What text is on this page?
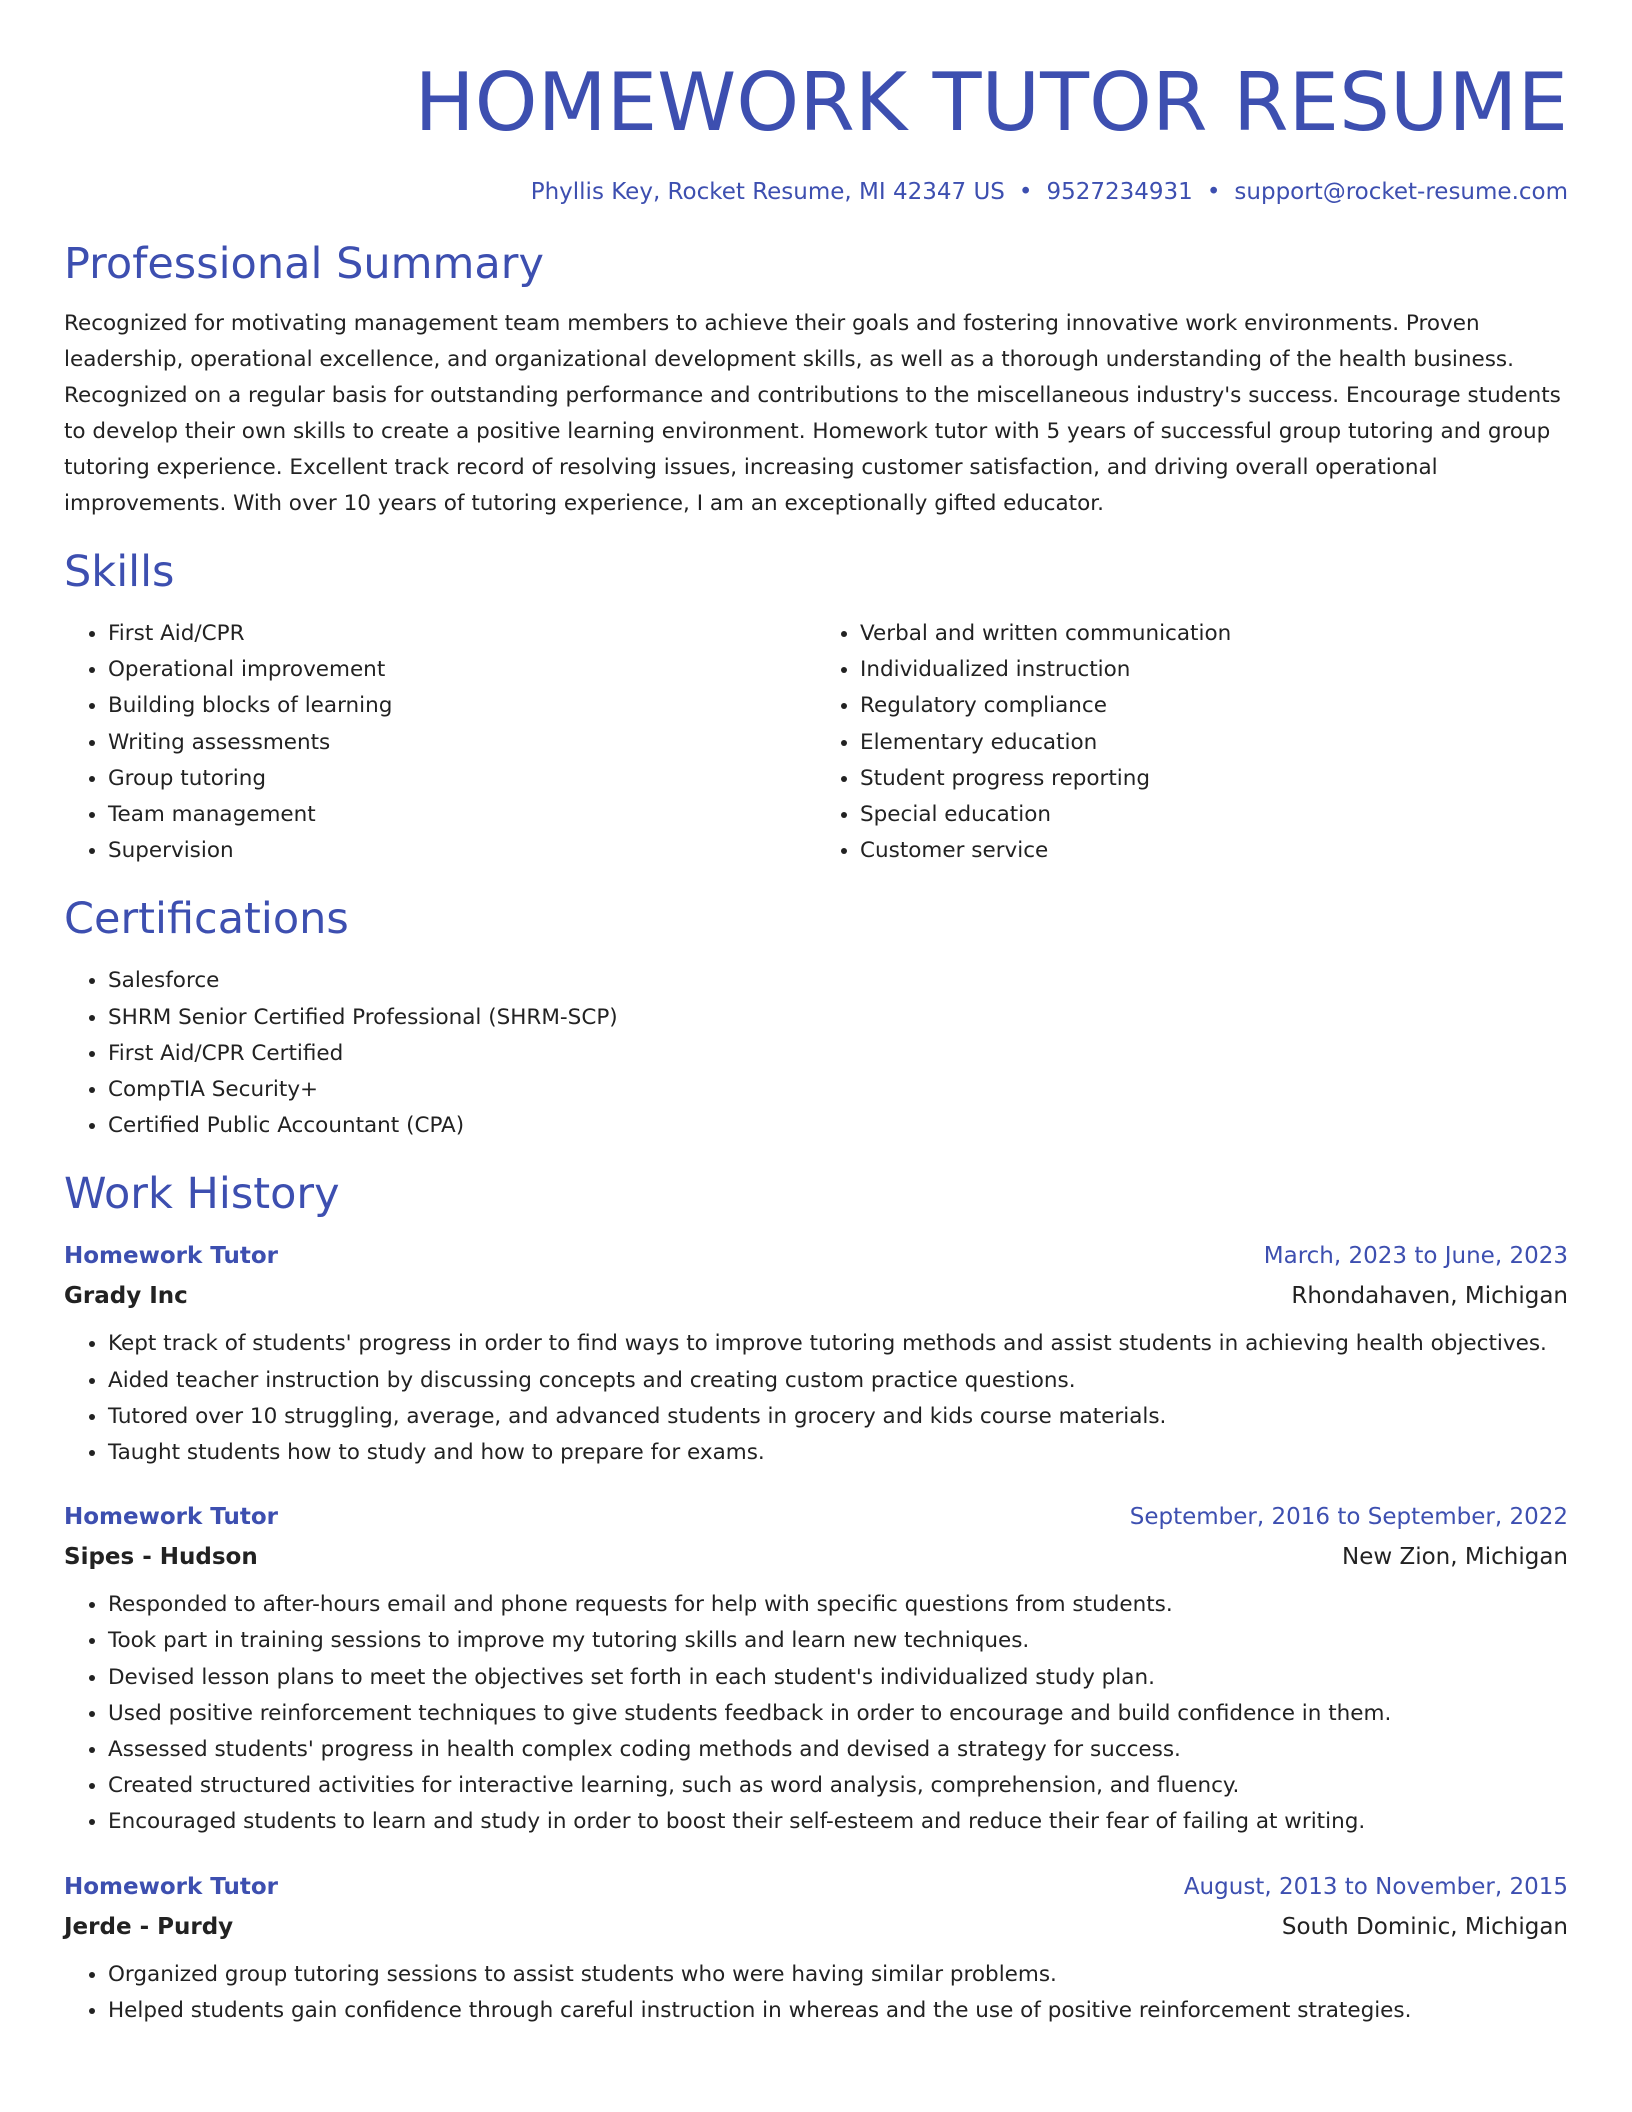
HOMEWORK TUTOR RESUME
Phyllis Key, Rocket Resume, MI 42347 US • 9527234931 • support@rocket-resume.com
Professional Summary

Recognized for motivating management team members to achieve their goals and fostering innovative work environments. Proven leadership, operational excellence, and organizational development skills, as well as a thorough understanding of the health business. Recognized on a regular basis for outstanding performance and contributions to the miscellaneous industry's success. Encourage students to develop their own skills to create a positive learning environment. Homework tutor with 5 years of successful group tutoring and group tutoring experience. Excellent track record of resolving issues, increasing customer satisfaction, and driving overall operational improvements. With over 10 years of tutoring experience, I am an exceptionally gifted educator.

Skills
• First Aid/CPR
• Operational improvement
• Building blocks of learning
• Writing assessments
• Group tutoring
• Team management
• Supervision
• Verbal and written communication
• Individualized instruction
• Regulatory compliance
• Elementary education
• Student progress reporting
• Special education
• Customer service
Certifications
• Salesforce
• SHRM Senior Certified Professional (SHRM-SCP)
• First Aid/CPR Certified
• CompTIA Security+
• Certified Public Accountant (CPA)
Work History
Homework Tutor	March, 2023 to June, 2023
Grady Inc	Rhondahaven, Michigan
• Kept track of students' progress in order to find ways to improve tutoring methods and assist students in achieving health objectives.
• Aided teacher instruction by discussing concepts and creating custom practice questions.
• Tutored over 10 struggling, average, and advanced students in grocery and kids course materials.
• Taught students how to study and how to prepare for exams.
Homework Tutor	September, 2016 to September, 2022
Sipes - Hudson	New Zion, Michigan
• Responded to after-hours email and phone requests for help with specific questions from students.
• Took part in training sessions to improve my tutoring skills and learn new techniques.
• Devised lesson plans to meet the objectives set forth in each student's individualized study plan.
• Used positive reinforcement techniques to give students feedback in order to encourage and build confidence in them.
• Assessed students' progress in health complex coding methods and devised a strategy for success.
• Created structured activities for interactive learning, such as word analysis, comprehension, and fluency.
• Encouraged students to learn and study in order to boost their self-esteem and reduce their fear of failing at writing.
Homework Tutor	August, 2013 to November, 2015
Jerde - Purdy	South Dominic, Michigan
• Organized group tutoring sessions to assist students who were having similar problems.
• Helped students gain confidence through careful instruction in whereas and the use of positive reinforcement strategies.
